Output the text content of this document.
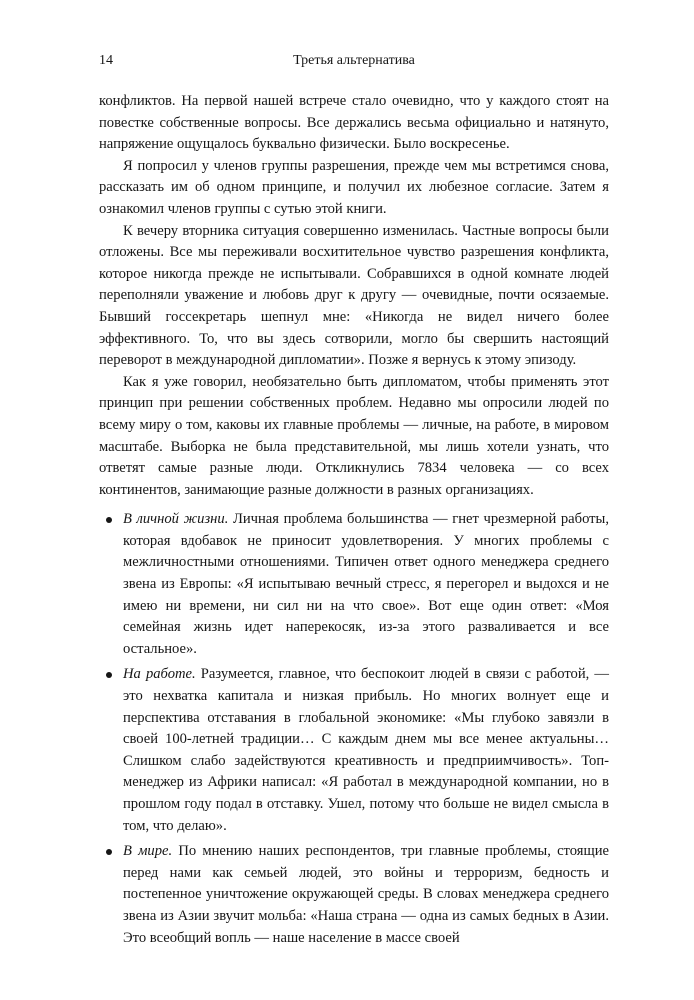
14	Третья альтернатива

конфликтов. На первой нашей встрече стало очевидно, что у каждого стоят на повестке собственные вопросы. Все держались весьма официально и натянуто, напряжение ощущалось буквально физически. Было воскресенье.

Я попросил у членов группы разрешения, прежде чем мы встретимся снова, рассказать им об одном принципе, и получил их любезное согласие. Затем я ознакомил членов группы с сутью этой книги.

К вечеру вторника ситуация совершенно изменилась. Частные вопросы были отложены. Все мы переживали восхитительное чувство разрешения конфликта, которое никогда прежде не испытывали. Собравшихся в одной комнате людей переполняли уважение и любовь друг к другу — очевидные, почти осязаемые. Бывший госсекретарь шепнул мне: «Никогда не видел ничего более эффективного. То, что вы здесь сотворили, могло бы свершить настоящий переворот в международной дипломатии». Позже я вернусь к этому эпизоду.

Как я уже говорил, необязательно быть дипломатом, чтобы применять этот принцип при решении собственных проблем. Недавно мы опросили людей по всему миру о том, каковы их главные проблемы — личные, на работе, в мировом масштабе. Выборка не была представительной, мы лишь хотели узнать, что ответят самые разные люди. Откликнулись 7834 человека — со всех континентов, занимающие разные должности в разных организациях.

В личной жизни. Личная проблема большинства — гнет чрезмерной работы, которая вдобавок не приносит удовлетворения. У многих проблемы с межличностными отношениями. Типичен ответ одного менеджера среднего звена из Европы: «Я испытываю вечный стресс, я перегорел и выдохся и не имею ни времени, ни сил ни на что свое». Вот еще один ответ: «Моя семейная жизнь идет наперекосяк, из-за этого разваливается и все остальное».
На работе. Разумеется, главное, что беспокоит людей в связи с работой, — это нехватка капитала и низкая прибыль. Но многих волнует еще и перспектива отставания в глобальной экономике: «Мы глубоко завязли в своей 100-летней традиции… С каждым днем мы все менее актуальны… Слишком слабо задействуются креативность и предприимчивость». Топ-менеджер из Африки написал: «Я работал в международной компании, но в прошлом году подал в отставку. Ушел, потому что больше не видел смысла в том, что делаю».
В мире. По мнению наших респондентов, три главные проблемы, стоящие перед нами как семьей людей, это войны и терроризм, бедность и постепенное уничтожение окружающей среды. В словах менеджера среднего звена из Азии звучит мольба: «Наша страна — одна из самых бедных в Азии. Это всеобщий вопль — наше население в массе своей
